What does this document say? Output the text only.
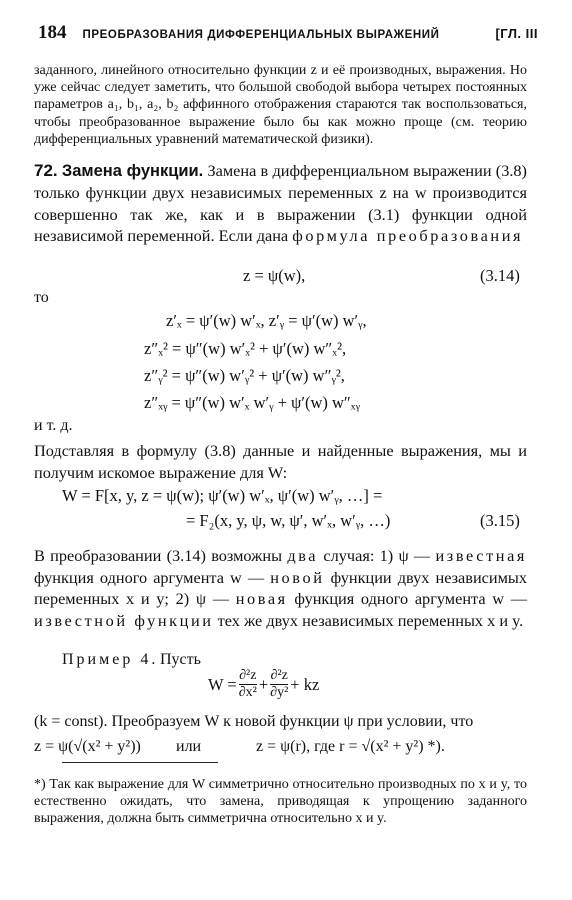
184 ПРЕОБРАЗОВАНИЯ ДИФФЕРЕНЦИАЛЬНЫХ ВЫРАЖЕНИЙ	[ГЛ. III

заданного, линейного относительно функции z и её производных, выражения. Но уже сейчас следует заметить, что большой свободой выбора четырех постоянных параметров a₁, b₁, a₂, b₂ аффинного отображения стараются так воспользоваться, чтобы преобразованное выражение было бы как можно проще (см. теорию дифференциальных уравнений математической физики).

72. Замена функции. Замена в дифференциальном выражении (3.8) только функции двух независимых переменных z на w производится совершенно так же, как и в выражении (3.1) функции одной независимой переменной. Если дана формула преобразования

z = ψ(w),	(3.14)
то
z′ₓ = ψ′(w) w′ₓ, z′ᵧ = ψ′(w) w′ᵧ,
z″ₓ² = ψ″(w) w′ₓ² + ψ′(w) w″ₓ²,
z″ᵧ² = ψ″(w) w′ᵧ² + ψ′(w) w″ᵧ²,
z″ₓᵧ = ψ″(w) w′ₓ w′ᵧ + ψ′(w) w″ₓᵧ
и т. д.

Подставляя в формулу (3.8) данные и найденные выражения, мы и получим искомое выражение для W:

W = F[x, y, z = ψ(w); ψ′(w) w′ₓ, ψ′(w) w′ᵧ, …] =
= F₂(x, y, ψ, w, ψ′, w′ₓ, w′ᵧ, …)	(3.15)

В преобразовании (3.14) возможны два случая: 1) ψ — известная функция одного аргумента w — новой функции двух независимых переменных x и y; 2) ψ — новая функция одного аргумента w — известной функции тех же двух независимых переменных x и y.

Пример 4. Пусть
$W = \frac{\text{∂²z}}{\text{∂x²}} + \frac{\text{∂²z}}{\text{∂y²}}$ + kz
(k = const). Преобразуем W к новой функции ψ при условии, что
z = ψ(√(x² + y²)) или	z = ψ(r), где r = √(x² + y²) *).

*) Так как выражение для W симметрично относительно производных по x и y, то естественно ожидать, что замена, приводящая к упрощению заданного выражения, должна быть симметрична относительно x и y.
